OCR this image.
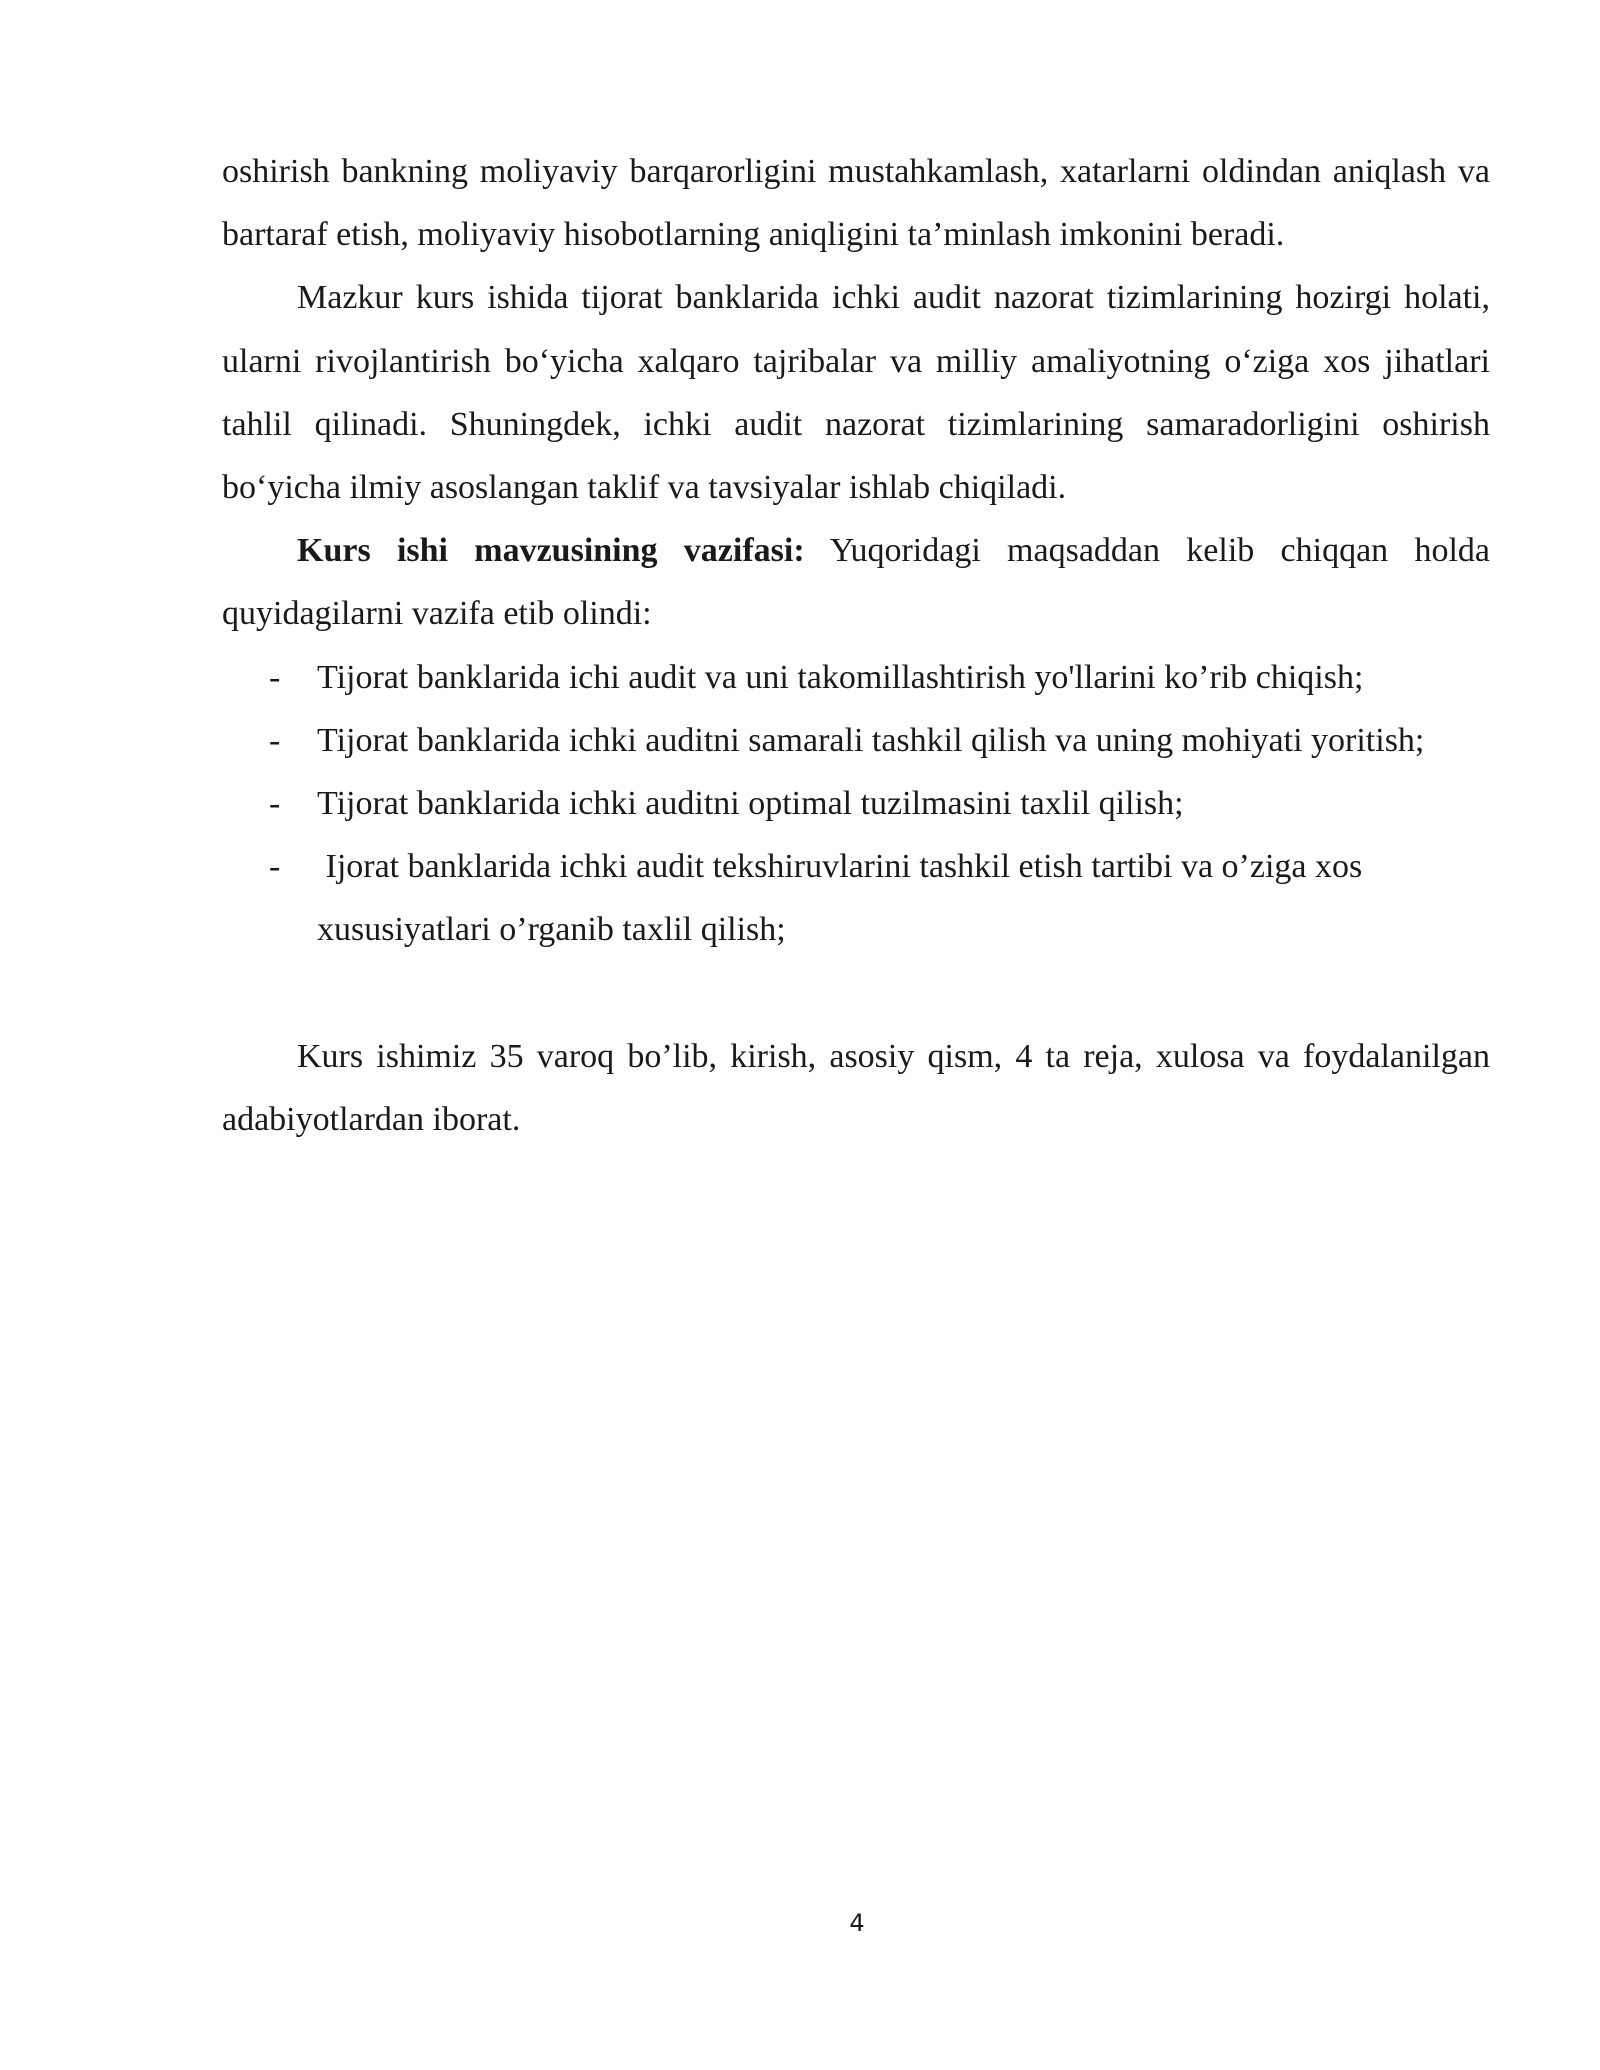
oshirish bankning moliyaviy barqarorligini mustahkamlash, xatarlarni oldindan aniqlash va bartaraf etish, moliyaviy hisobotlarning aniqligini ta’minlash imkonini beradi.

Mazkur kurs ishida tijorat banklarida ichki audit nazorat tizimlarining hozirgi holati, ularni rivojlantirish bo‘yicha xalqaro tajribalar va milliy amaliyotning o‘ziga xos jihatlari tahlil qilinadi. Shuningdek, ichki audit nazorat tizimlarining samaradorligini oshirish bo‘yicha ilmiy asoslangan taklif va tavsiyalar ishlab chiqiladi.

Kurs ishi mavzusining vazifasi: Yuqoridagi maqsaddan kelib chiqqan holda quyidagilarni vazifa etib olindi:

- Tijorat banklarida ichi audit va uni takomillashtirish yo'llarini ko’rib chiqish;
- Tijorat banklarida ichki auditni samarali tashkil qilish va uning mohiyati yoritish;
- Tijorat banklarida ichki auditni optimal tuzilmasini taxlil qilish;
- Ijorat banklarida ichki audit tekshiruvlarini tashkil etish tartibi va o’ziga xos xususiyatlari o’rganib taxlil qilish;

Kurs ishimiz 35 varoq bo’lib, kirish, asosiy qism, 4 ta reja, xulosa va foydalanilgan adabiyotlardan iborat.

4
